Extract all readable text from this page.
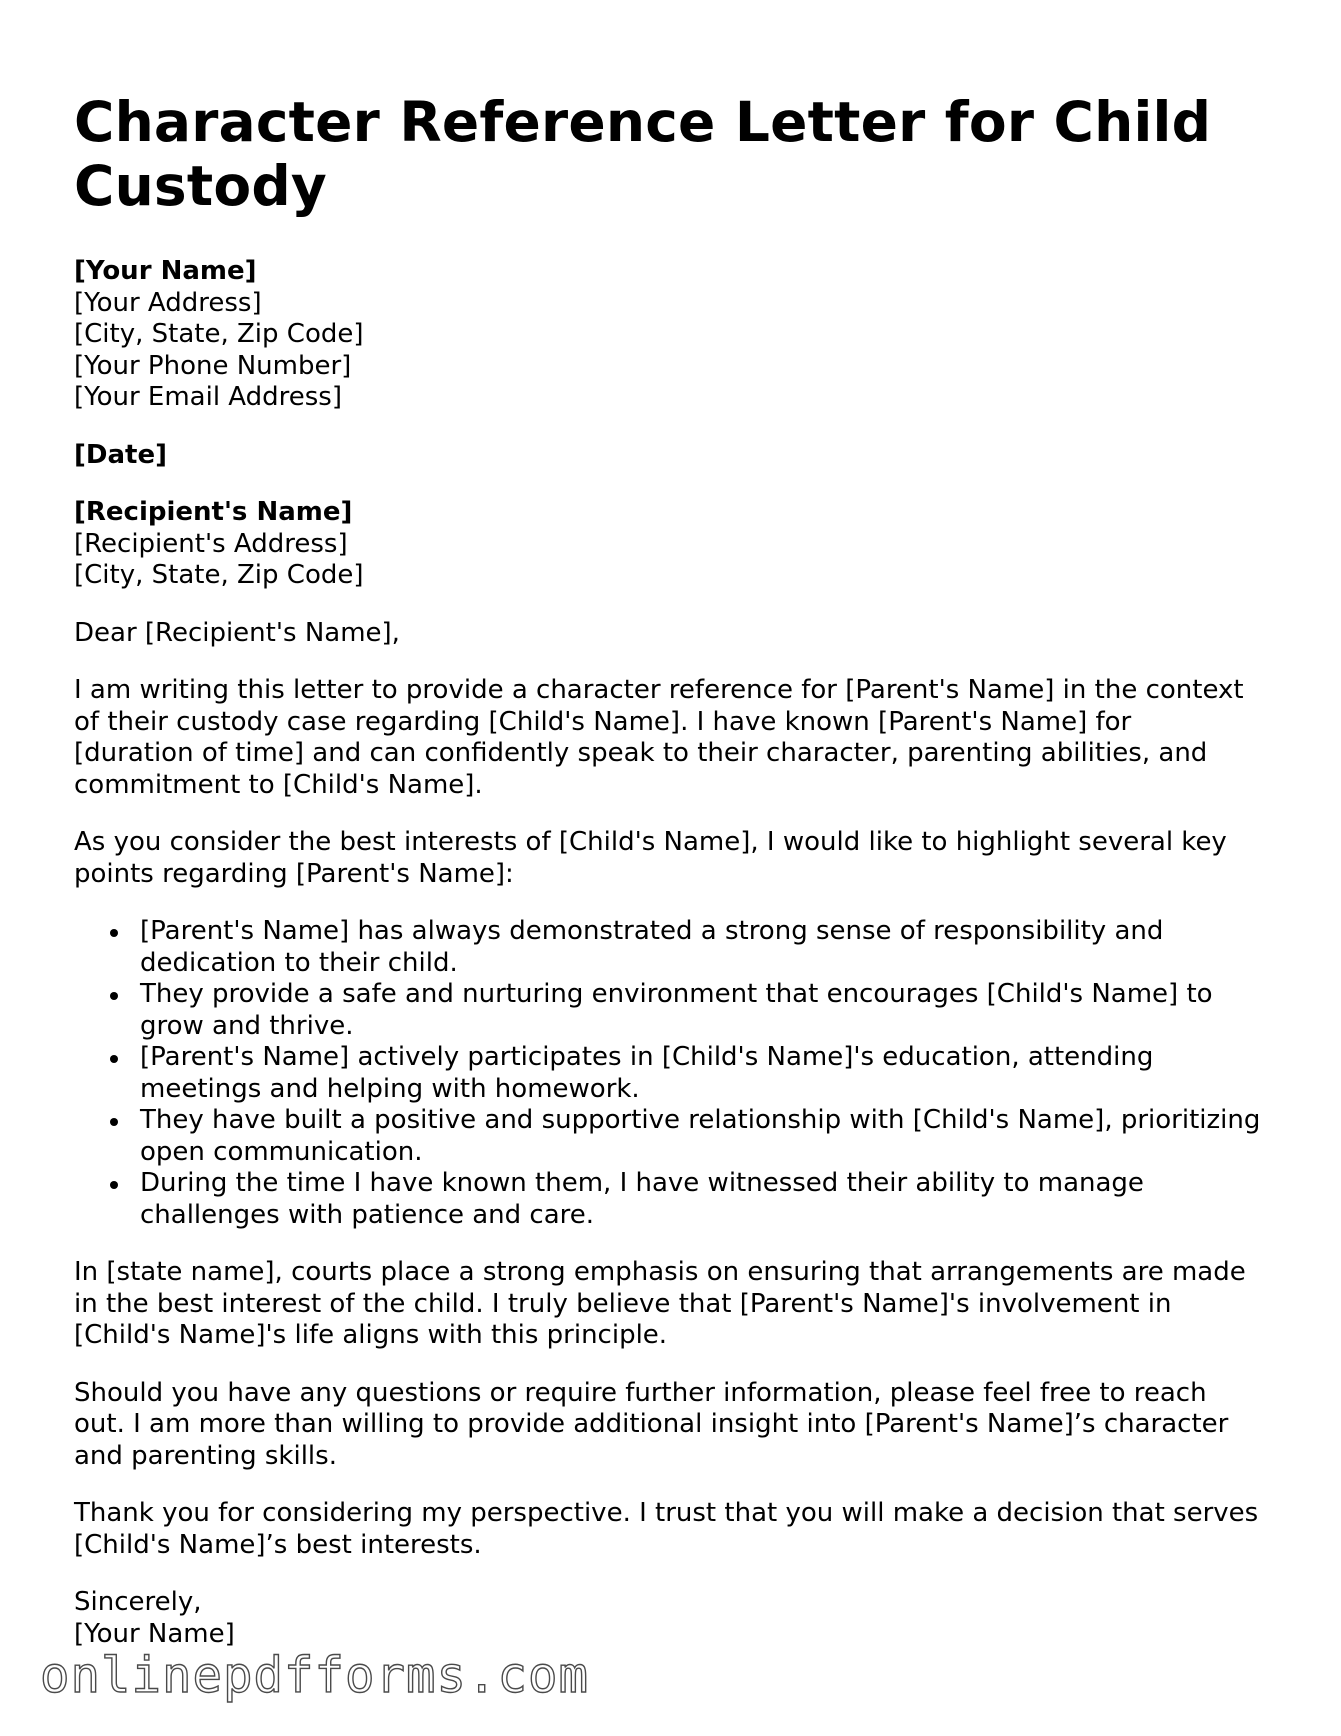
Character Reference Letter for Child
Custody
[Your Name]
[Your Address]
[City, State, Zip Code]
[Your Phone Number]
[Your Email Address]
[Date]
[Recipient's Name]
[Recipient's Address]
[City, State, Zip Code]
Dear [Recipient's Name],
I am writing this letter to provide a character reference for [Parent's Name] in the context
of their custody case regarding [Child's Name]. I have known [Parent's Name] for
[duration of time] and can confidently speak to their character, parenting abilities, and
commitment to [Child's Name].
As you consider the best interests of [Child's Name], I would like to highlight several key
points regarding [Parent's Name]:
[Parent's Name] has always demonstrated a strong sense of responsibility and
dedication to their child.
They provide a safe and nurturing environment that encourages [Child's Name] to
grow and thrive.
[Parent's Name] actively participates in [Child's Name]'s education, attending
meetings and helping with homework.
They have built a positive and supportive relationship with [Child's Name], prioritizing
open communication.
During the time I have known them, I have witnessed their ability to manage
challenges with patience and care.
In [state name], courts place a strong emphasis on ensuring that arrangements are made
in the best interest of the child. I truly believe that [Parent's Name]'s involvement in
[Child's Name]'s life aligns with this principle.
Should you have any questions or require further information, please feel free to reach
out. I am more than willing to provide additional insight into [Parent's Name]’s character
and parenting skills.
Thank you for considering my perspective. I trust that you will make a decision that serves
[Child's Name]’s best interests.
Sincerely,
[Your Name]
onlinepdfforms.com
